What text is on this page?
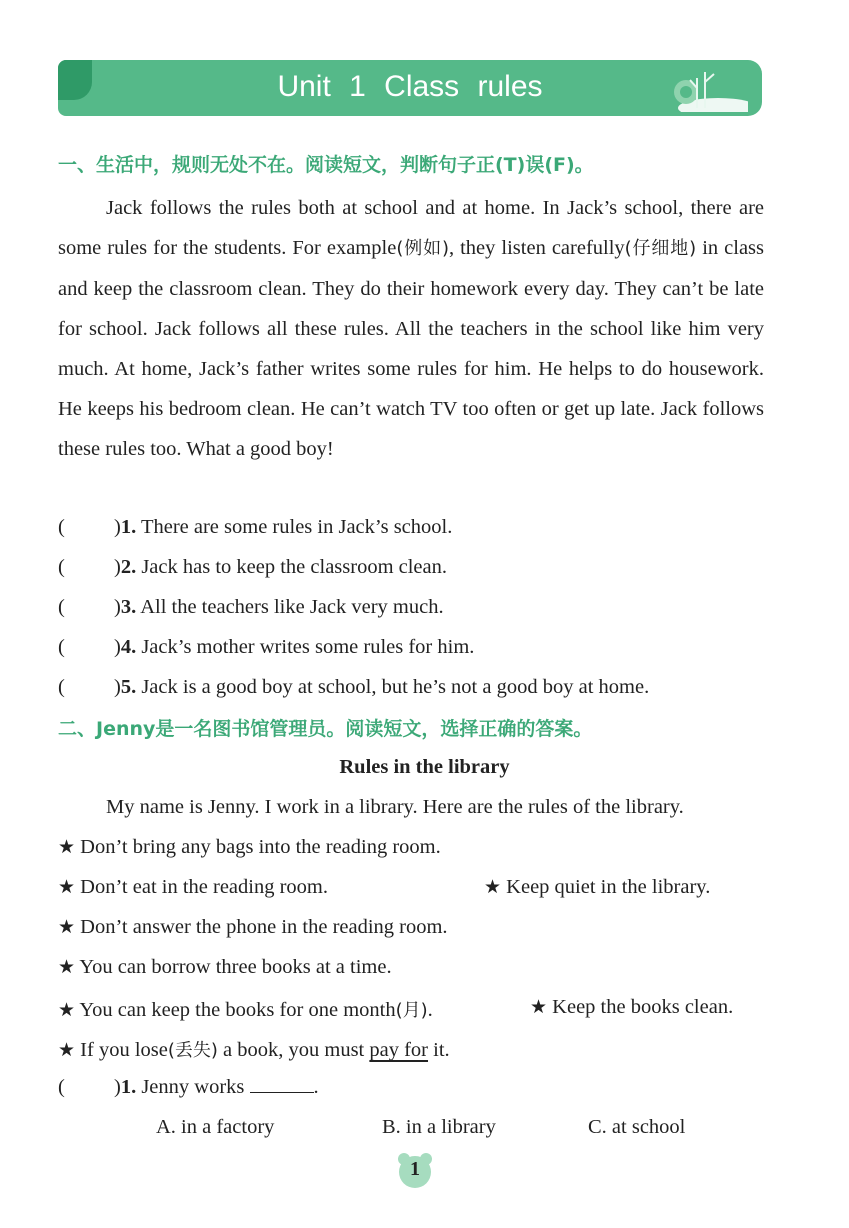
Unit 1 Class rules
一、生活中，规则无处不在。阅读短文，判断句子正(T)误(F)。

Jack follows the rules both at school and at home. In Jack’s school, there are some rules for the students. For example(例如), they listen carefully(仔细地) in class and keep the classroom clean. They do their homework every day. They can’t be late for school. Jack follows all these rules. All the teachers in the school like him very much. At home, Jack’s father writes some rules for him. He helps to do housework. He keeps his bedroom clean. He can’t watch TV too often or get up late. Jack follows these rules too. What a good boy!

( )1. There are some rules in Jack’s school.
( )2. Jack has to keep the classroom clean.
( )3. All the teachers like Jack very much.
( )4. Jack’s mother writes some rules for him.
( )5. Jack is a good boy at school, but he’s not a good boy at home.
二、Jenny是一名图书馆管理员。阅读短文，选择正确的答案。
Rules in the library
My name is Jenny. I work in a library. Here are the rules of the library.
★ Don’t bring any bags into the reading room.
★ Don’t eat in the reading room.	★ Keep quiet in the library.
★ Don’t answer the phone in the reading room.
★ You can borrow three books at a time.
★ You can keep the books for one month(月).	★ Keep the books clean.
★ If you lose(丢失) a book, you must pay for it.
( )1. Jenny works	.
A. in a factory	B. in a library	C. at school
1
